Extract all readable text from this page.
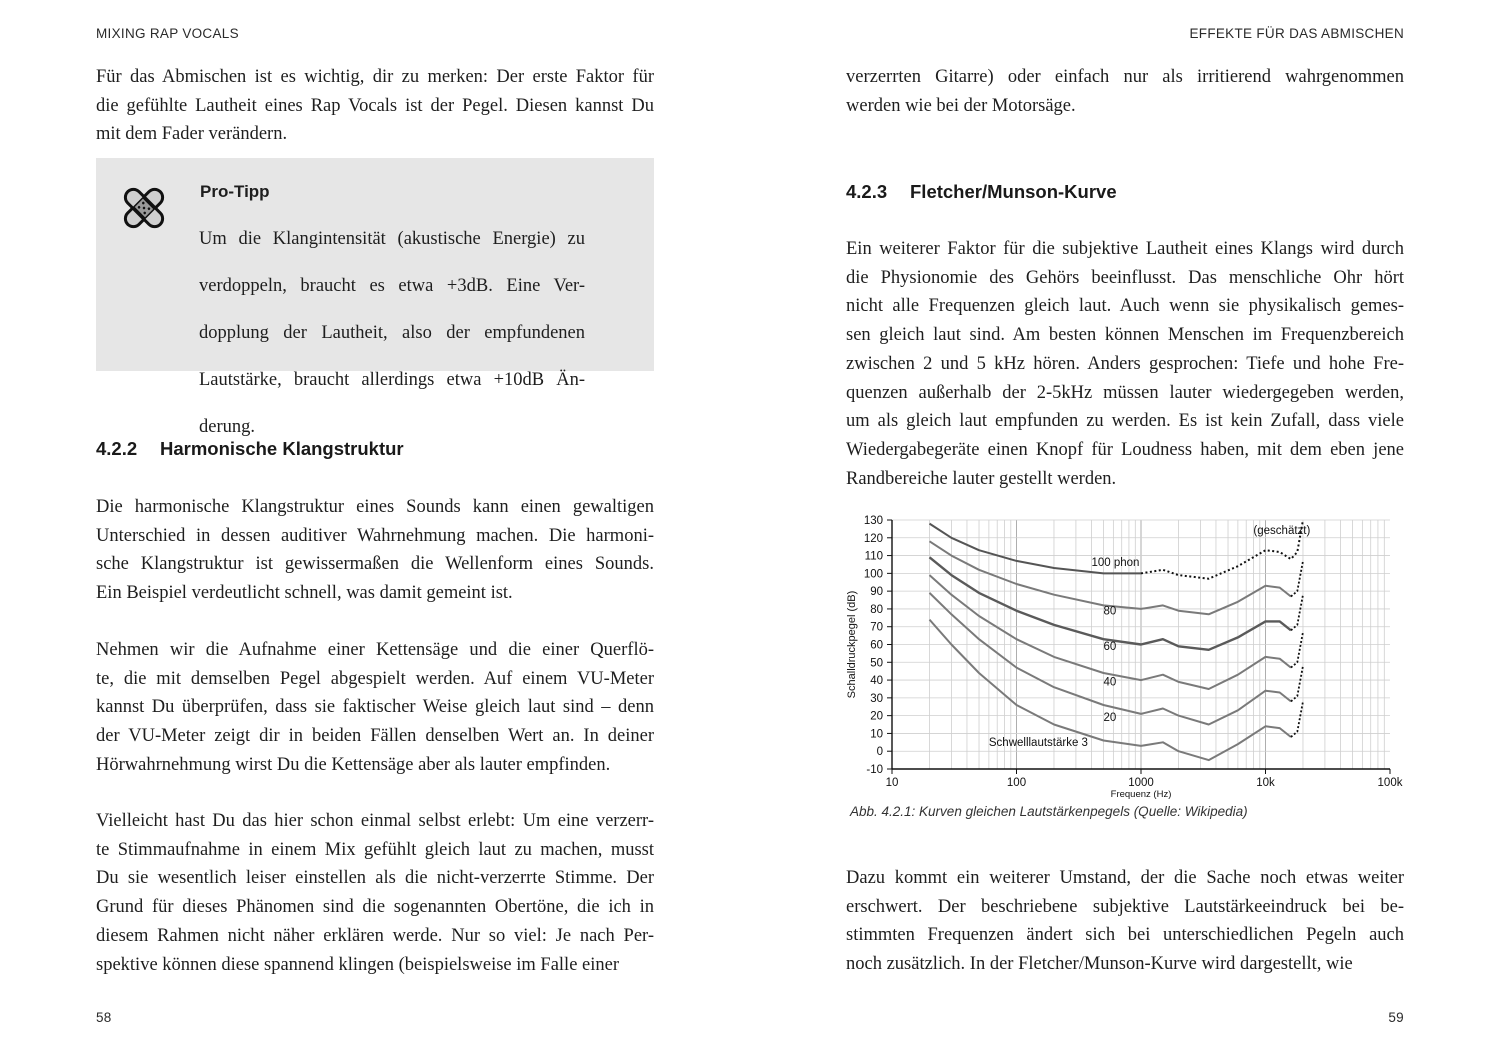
MIXING RAP VOCALS	EFFEKTE FÜR DAS ABMISCHEN

Für das Abmischen ist es wichtig, dir zu merken: Der erste Faktor für

die gefühlte Lautheit eines Rap Vocals ist der Pegel. Diesen kannst Du

mit dem Fader verändern.

Pro-Tipp

Um die Klangintensität (akustische Energie) zu

verdoppeln, braucht es etwa +3dB. Eine Ver-

dopplung der Lautheit, also der empfundenen

Lautstärke, braucht allerdings etwa +10dB Än-

derung.

4.2.2 Harmonische Klangstruktur

Die harmonische Klangstruktur eines Sounds kann einen gewaltigen

Unterschied in dessen auditiver Wahrnehmung machen. Die harmoni-

sche Klangstruktur ist gewissermaßen die Wellenform eines Sounds.

Ein Beispiel verdeutlicht schnell, was damit gemeint ist.

Nehmen wir die Aufnahme einer Kettensäge und die einer Querflö-

te, die mit demselben Pegel abgespielt werden. Auf einem VU-Meter

kannst Du überprüfen, dass sie faktischer Weise gleich laut sind – denn

der VU-Meter zeigt dir in beiden Fällen denselben Wert an. In deiner

Hörwahrnehmung wirst Du die Kettensäge aber als lauter empfinden.

Vielleicht hast Du das hier schon einmal selbst erlebt: Um eine verzerr-

te Stimmaufnahme in einem Mix gefühlt gleich laut zu machen, musst

Du sie wesentlich leiser einstellen als die nicht-verzerrte Stimme. Der

Grund für dieses Phänomen sind die sogenannten Obertöne, die ich in

diesem Rahmen nicht näher erklären werde. Nur so viel: Je nach Per-

spektive können diese spannend klingen (beispielsweise im Falle einer

58

verzerrten Gitarre) oder einfach nur als irritierend wahrgenommen

werden wie bei der Motorsäge.

4.2.3 Fletcher/Munson-Kurve

Ein weiterer Faktor für die subjektive Lautheit eines Klangs wird durch

die Physionomie des Gehörs beeinflusst. Das menschliche Ohr hört

nicht alle Frequenzen gleich laut. Auch wenn sie physikalisch gemes-

sen gleich laut sind. Am besten können Menschen im Frequenzbereich

zwischen 2 und 5 kHz hören. Anders gesprochen: Tiefe und hohe Fre-

quenzen außerhalb der 2-5kHz müssen lauter wiedergegeben werden,

um als gleich laut empfunden zu werden. Es ist kein Zufall, dass viele

Wiedergabegeräte einen Knopf für Loudness haben, mit dem eben jene

Randbereiche lauter gestellt werden.

-10
0
10
20
30
40
50
60
70
80
90
100
110
120
130
10	100	1000	10k	100k
Frequenz (Hz)
Schalldruckpegel (dB)
Schwelllautstärke 3
20
40
60
80
100 phon
(geschätzt)
Abb. 4.2.1: Kurven gleichen Lautstärkenpegels (Quelle: Wikipedia)

Dazu kommt ein weiterer Umstand, der die Sache noch etwas weiter

erschwert. Der beschriebene subjektive Lautstärkeeindruck bei be-

stimmten Frequenzen ändert sich bei unterschiedlichen Pegeln auch

noch zusätzlich. In der Fletcher/Munson-Kurve wird dargestellt, wie

59
